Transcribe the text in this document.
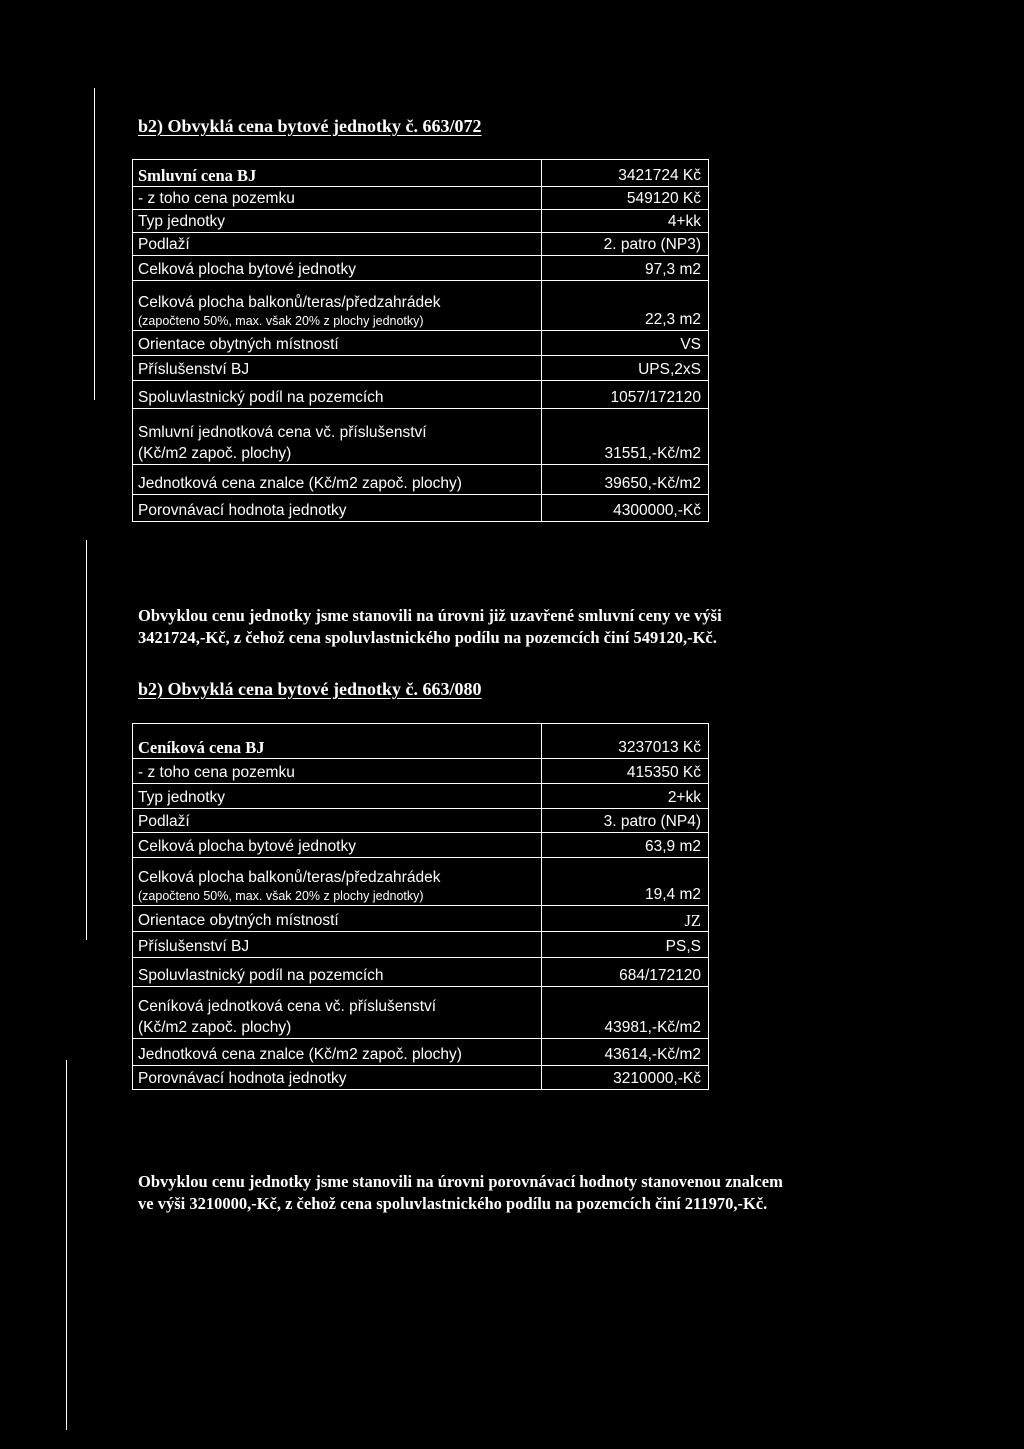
b2) Obvyklá cena bytové jednotky č. 663/072
Smluvní cena BJ	3421724 Kč
- z toho cena pozemku	549120 Kč
Typ jednotky	4+kk
Podlaží	2. patro (NP3)
Celková plocha bytové jednotky	97,3 m2

Celková plocha balkonů/teras/předzahrádek
(započteno 50%, max. však 20% z plochy jednotky)	22,3 m2
Orientace obytných místností	VS
Příslušenství BJ	UPS,2xS
Spoluvlastnický podíl na pozemcích	1057/172120

Smluvní jednotková cena vč. příslušenství
(Kč/m2 započ. plochy)	31551,-Kč/m2
Jednotková cena znalce (Kč/m2 započ. plochy)	39650,-Kč/m2
Porovnávací hodnota jednotky	4300000,-Kč
Obvyklou cenu jednotky jsme stanovili na úrovni již uzavřené smluvní ceny ve výši
3421724,-Kč, z čehož cena spoluvlastnického podílu na pozemcích činí 549120,-Kč.
b2) Obvyklá cena bytové jednotky č. 663/080
Ceníková cena BJ	3237013 Kč
- z toho cena pozemku	415350 Kč
Typ jednotky	2+kk
Podlaží	3. patro (NP4)
Celková plocha bytové jednotky	63,9 m2

Celková plocha balkonů/teras/předzahrádek
(započteno 50%, max. však 20% z plochy jednotky)	19,4 m2
Orientace obytných místností	JZ
Příslušenství BJ	PS,S
Spoluvlastnický podíl na pozemcích	684/172120

Ceníková jednotková cena vč. příslušenství
(Kč/m2 započ. plochy)	43981,-Kč/m2
Jednotková cena znalce (Kč/m2 započ. plochy)	43614,-Kč/m2
Porovnávací hodnota jednotky	3210000,-Kč
Obvyklou cenu jednotky jsme stanovili na úrovni porovnávací hodnoty stanovenou znalcem
ve výši 3210000,-Kč, z čehož cena spoluvlastnického podílu na pozemcích činí 211970,-Kč.
